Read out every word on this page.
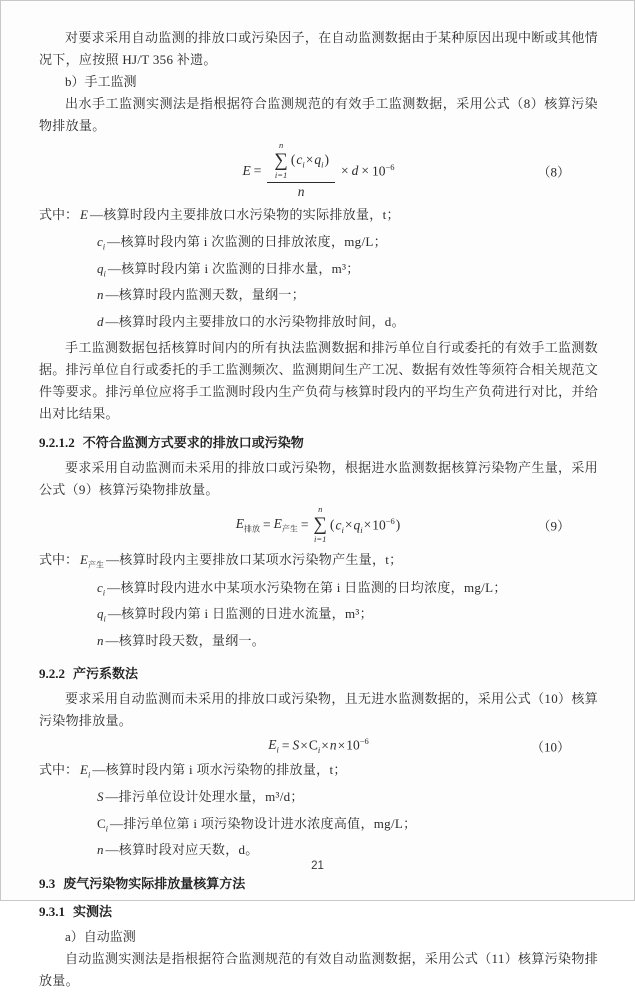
对要求采用自动监测的排放口或污染因子，在自动监测数据由于某种原因出现中断或其他情况下，应按照 HJ/T 356 补遗。

b）手工监测

出水手工监测实测法是指根据符合监测规范的有效手工监测数据，采用公式（8）核算污染物排放量。

E =
n
∑
i=1
$(c_i\times q_i)$
n
× $d \times 10^{-6}$	（8）
式中： E —核算时段内主要排放口水污染物的实际排放量，t；
$c_i$ —核算时段内第 i 次监测的日排放浓度，mg/L；
$q_i$ —核算时段内第 i 次监测的日排水量，m³；
n —核算时段内监测天数，量纲一；
d —核算时段内主要排放口的水污染物排放时间，d。

手工监测数据包括核算时间内的所有执法监测数据和排污单位自行或委托的有效手工监测数据。排污单位自行或委托的手工监测频次、监测期间生产工况、数据有效性等须符合相关规范文件等要求。排污单位应将手工监测时段内生产负荷与核算时段内的平均生产负荷进行对比，并给出对比结果。

9.2.1.2 不符合监测方式要求的排放口或污染物

要求采用自动监测而未采用的排放口或污染物，根据进水监测数据核算污染物产生量，采用公式（9）核算污染物排放量。

$E_{排放} = E_{产生}$ =
n
∑
i=1
$(c_i\times q_i\times 10^{-6})$	（9）
式中： $E_{产生}$ —核算时段内主要排放口某项水污染物产生量，t；
$c_i$ —核算时段内进水中某项水污染物在第 i 日监测的日均浓度，mg/L；
$q_i$ —核算时段内第 i 日监测的日进水流量，m³；
n —核算时段天数，量纲一。
9.2.2 产污系数法

要求采用自动监测而未采用的排放口或污染物，且无进水监测数据的，采用公式（10）核算污染物排放量。

$E_i = S\times C_i\times n\times 10^{-6}$	（10）
式中： $E_i$ —核算时段内第 i 项水污染物的排放量，t；
S —排污单位设计处理水量，m³/d；
$C_i$ —排污单位第 i 项污染物设计进水浓度高值，mg/L；
n —核算时段对应天数，d。
9.3 废气污染物实际排放量核算方法
9.3.1 实测法

a）自动监测

自动监测实测法是指根据符合监测规范的有效自动监测数据，采用公式（11）核算污染物排放量。

21
